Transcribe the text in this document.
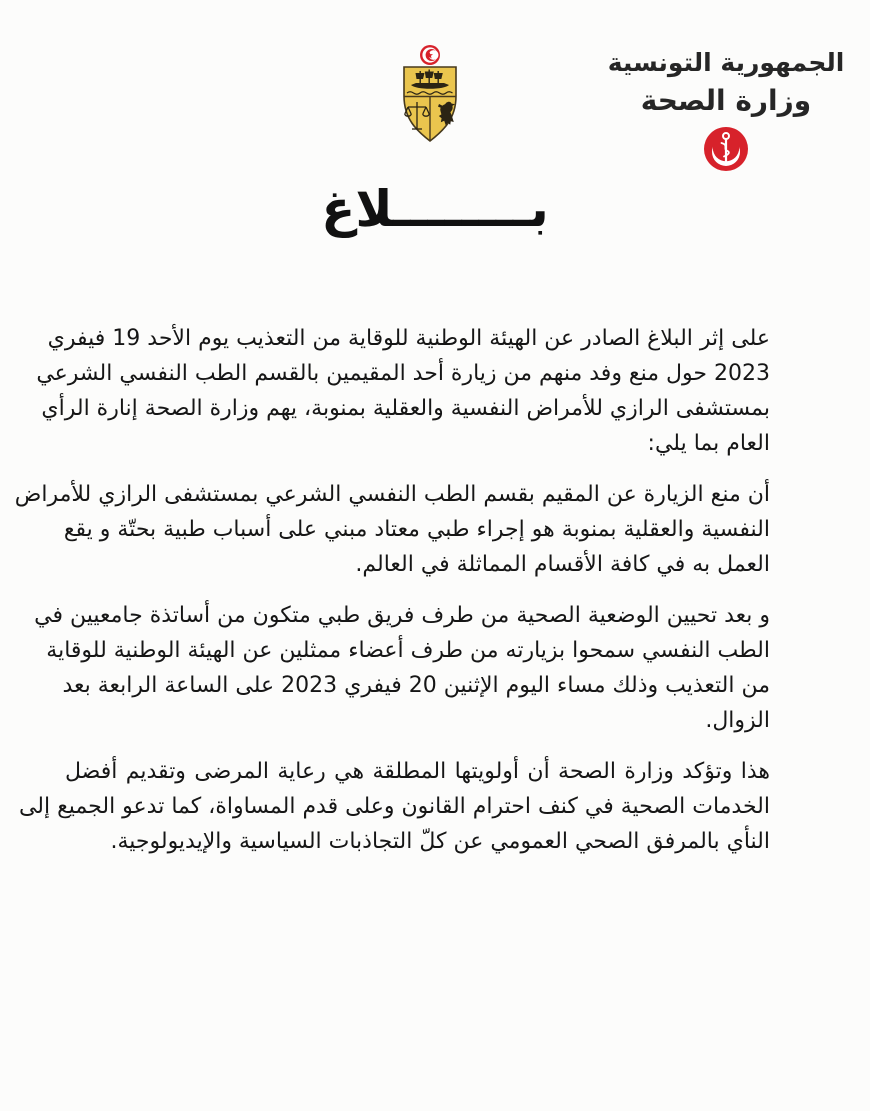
الجمهورية التونسية
وزارة الصحة
بــــــــلاغ
على إثر البلاغ الصادر عن الهيئة الوطنية للوقاية من التعذيب يوم الأحد 19 فيفري
2023 حول منع وفد منهم من زيارة أحد المقيمين بالقسم الطب النفسي الشرعي
بمستشفى الرازي للأمراض النفسية والعقلية بمنوبة، يهم وزارة الصحة إنارة الرأي
العام بما يلي:
أن منع الزيارة عن المقيم بقسم الطب النفسي الشرعي بمستشفى الرازي للأمراض
النفسية والعقلية بمنوبة هو إجراء طبي معتاد مبني على أسباب طبية بحتّة و يقع
العمل به في كافة الأقسام المماثلة في العالم.
و بعد تحيين الوضعية الصحية من طرف فريق طبي متكون من أساتذة جامعيين في
الطب النفسي سمحوا بزيارته من طرف أعضاء ممثلين عن الهيئة الوطنية للوقاية
من التعذيب وذلك مساء اليوم الإثنين 20 فيفري 2023 على الساعة الرابعة بعد
الزوال.
هذا وتؤكد وزارة الصحة أن أولويتها المطلقة هي رعاية المرضى وتقديم أفضل
الخدمات الصحية في كنف احترام القانون وعلى قدم المساواة، كما تدعو الجميع إلى
النأي بالمرفق الصحي العمومي عن كلّ التجاذبات السياسية والإيديولوجية.
